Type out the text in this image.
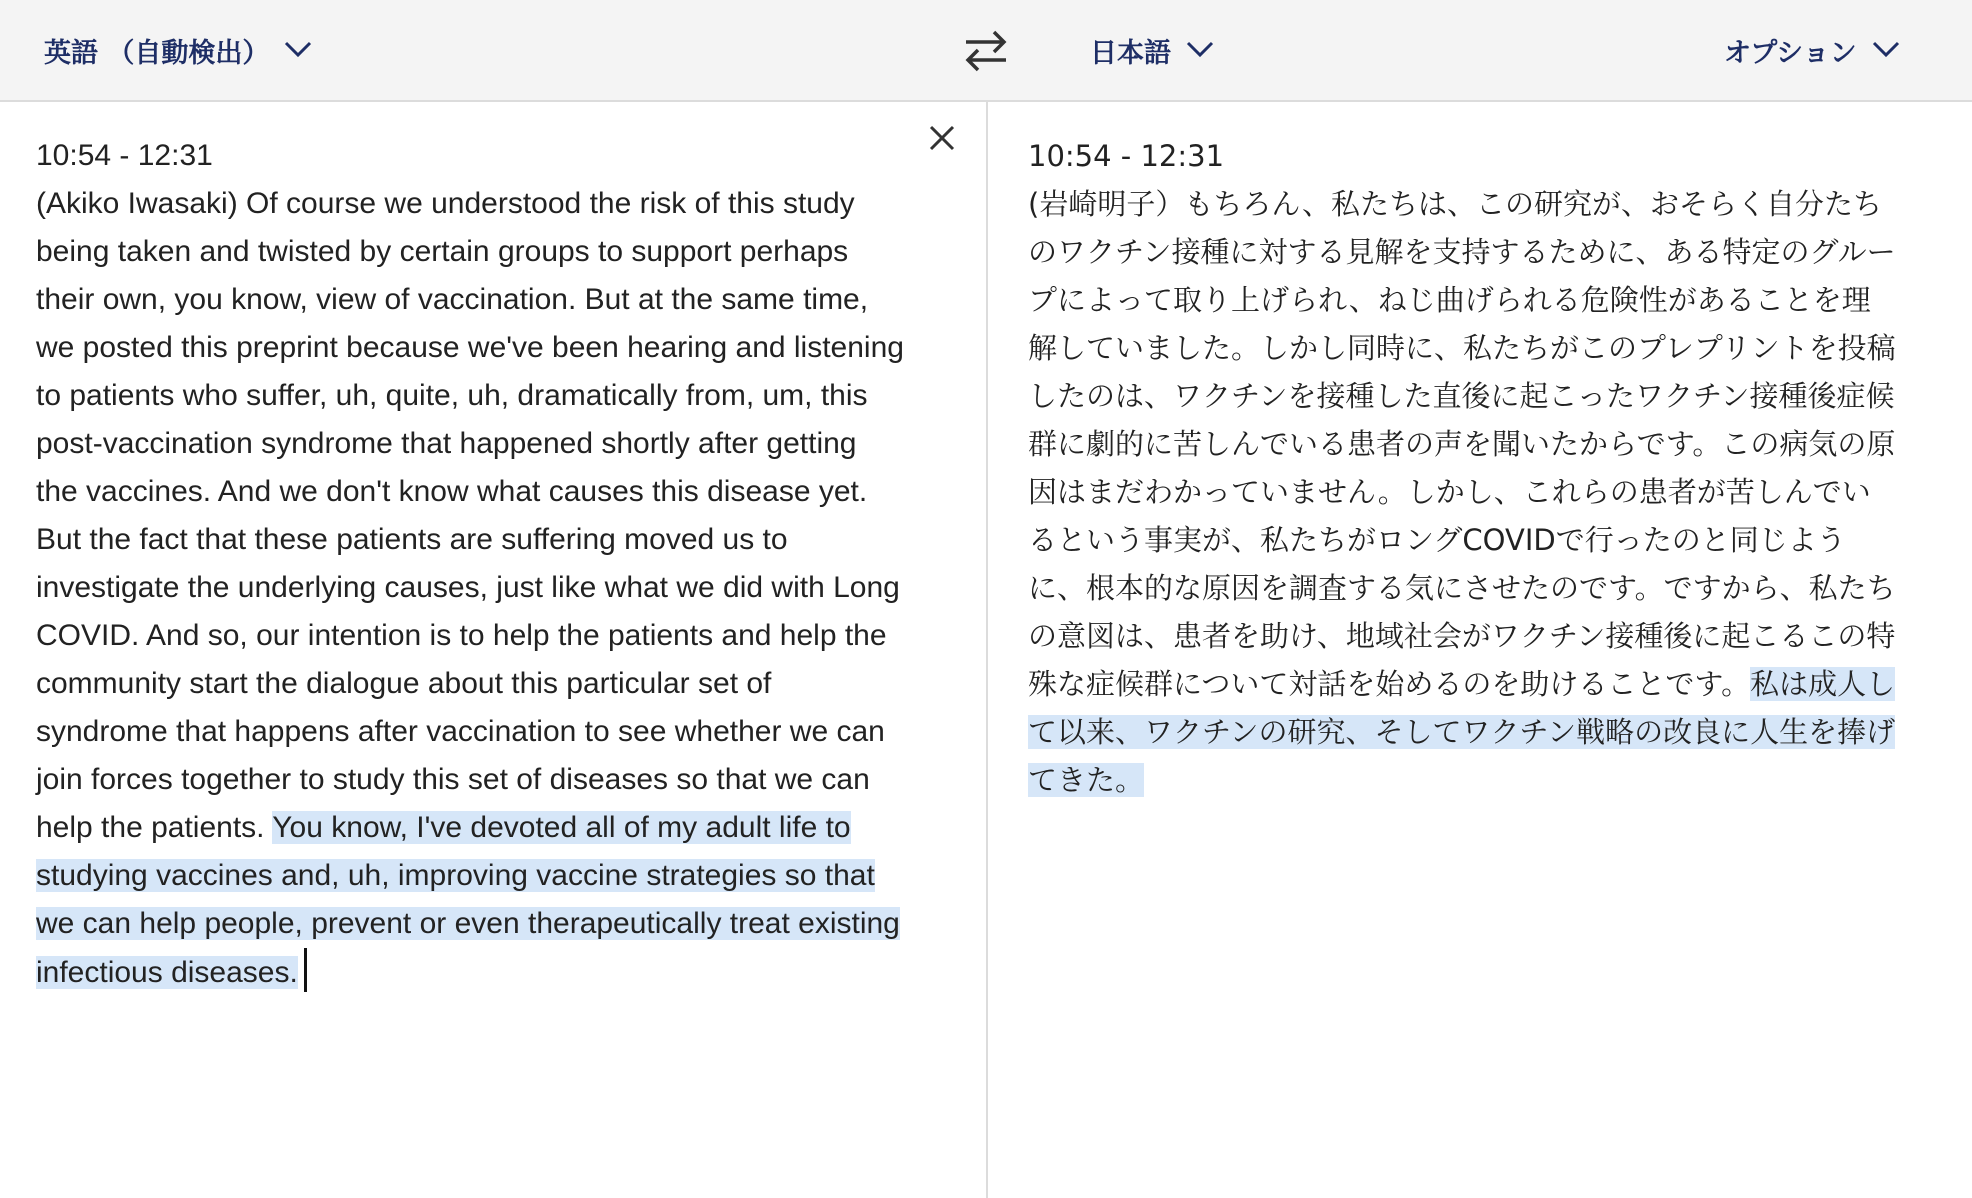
英語 （自動検出）	日本語	オプション
10:54 - 12:31
(Akiko Iwasaki) Of course we understood the risk of this study being taken and twisted by certain groups to support perhaps their own, you know, view of vaccination. But at the same time, we posted this preprint because we've been hearing and listening to patients who suffer, uh, quite, uh, dramatically from, um, this post-vaccination syndrome that happened shortly after getting the vaccines. And we don't know what causes this disease yet. But the fact that these patients are suffering moved us to investigate the underlying causes, just like what we did with Long COVID. And so, our intention is to help the patients and help the community start the dialogue about this particular set of syndrome that happens after vaccination to see whether we can join forces together to study this set of diseases so that we can help the patients. You know, I've devoted all of my adult life to studying vaccines and, uh, improving vaccine strategies so that we can help people, prevent or even therapeutically treat existing infectious diseases.
10:54 - 12:31
(岩崎明子）もちろん、私たちは、この研究が、おそらく自分たちのワクチン接種に対する見解を支持するために、ある特定のグループによって取り上げられ、ねじ曲げられる危険性があることを理解していました。しかし同時に、私たちがこのプレプリントを投稿したのは、ワクチンを接種した直後に起こったワクチン接種後症候群に劇的に苦しんでいる患者の声を聞いたからです。この病気の原因はまだわかっていません。しかし、これらの患者が苦しんでいるという事実が、私たちがロングCOVIDで行ったのと同じように、根本的な原因を調査する気にさせたのです。ですから、私たちの意図は、患者を助け、地域社会がワクチン接種後に起こるこの特殊な症候群について対話を始めるのを助けることです。私は成人して以来、ワクチンの研究、そしてワクチン戦略の改良に人生を捧げてきた。
